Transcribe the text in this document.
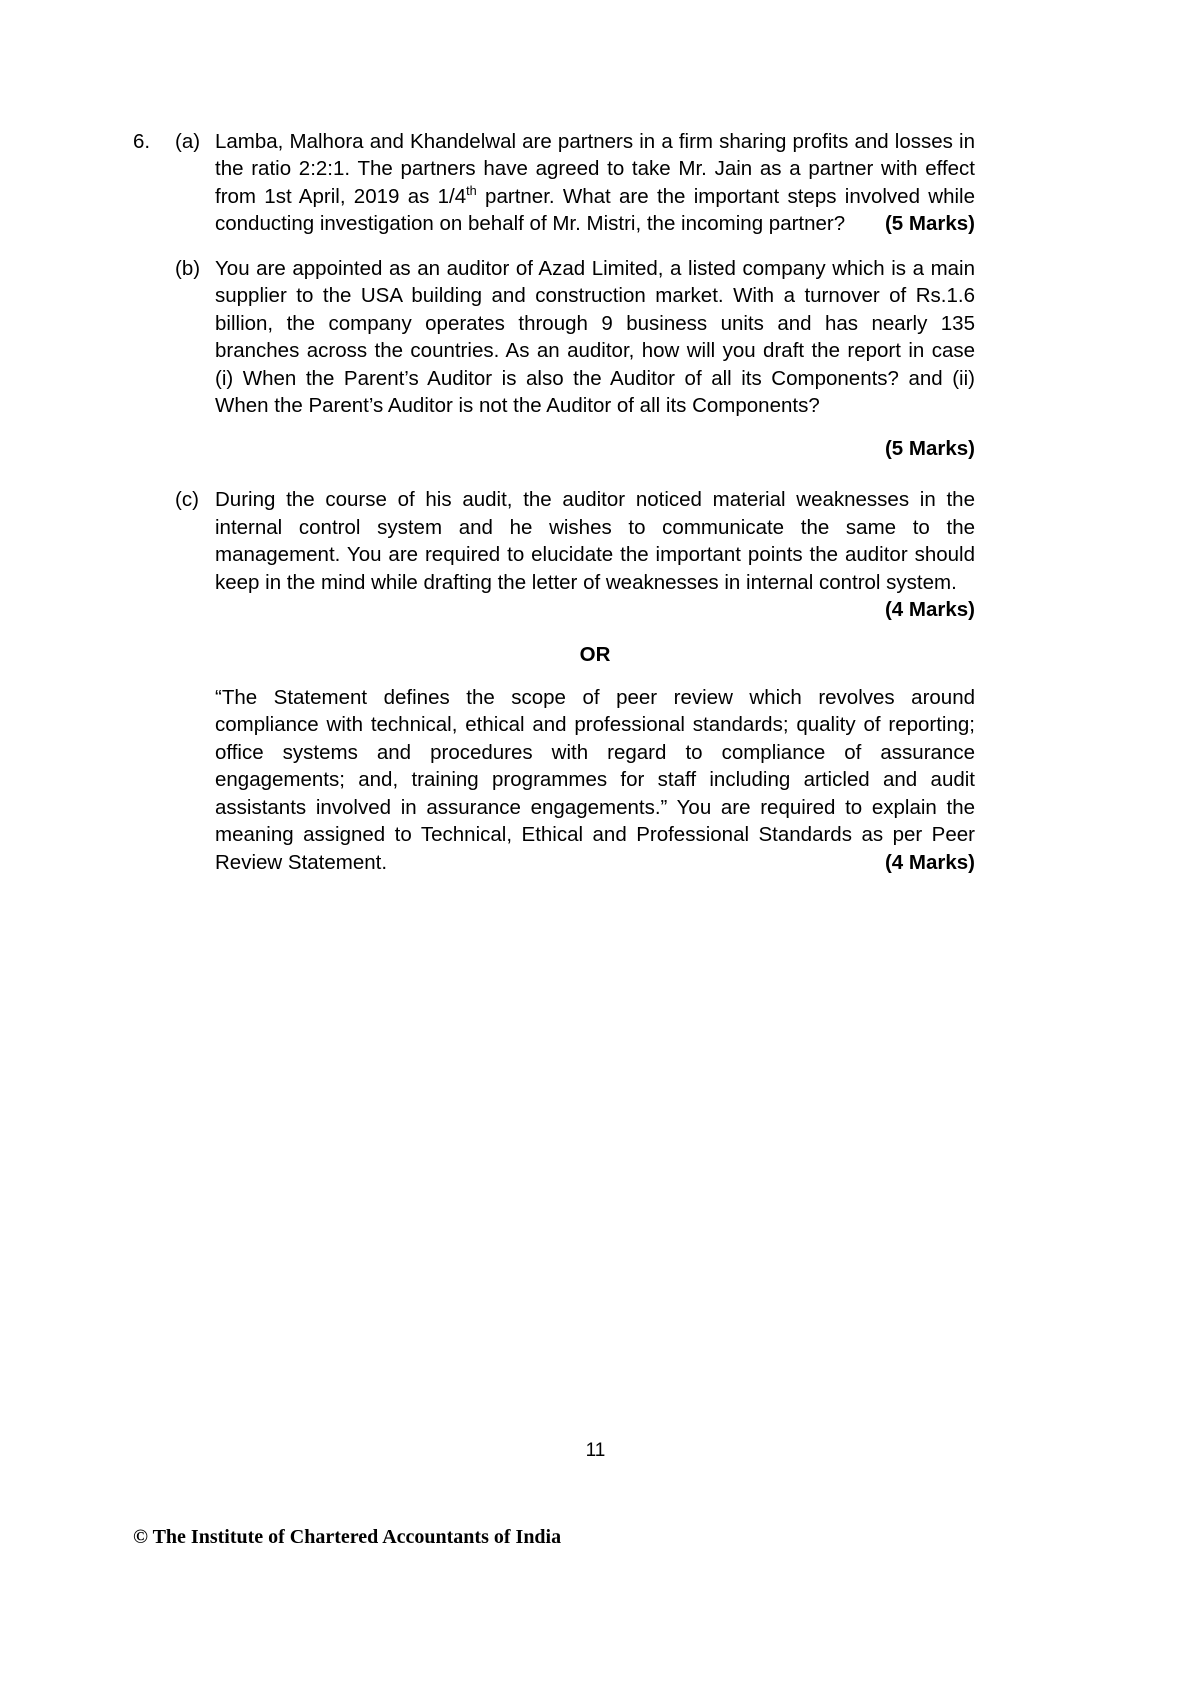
6.	(a) Lamba, Malhora and Khandelwal are partners in a firm sharing profits and losses in the ratio 2:2:1. The partners have agreed to take Mr. Jain as a partner with effect from 1st April, 2019 as 1/4th partner. What are the important steps involved while conducting investigation on behalf of Mr. Mistri, the incoming partner? (5 Marks)
(b) You are appointed as an auditor of Azad Limited, a listed company which is a main supplier to the USA building and construction market. With a turnover of Rs.1.6 billion, the company operates through 9 business units and has nearly 135 branches across the countries. As an auditor, how will you draft the report in case (i) When the Parent’s Auditor is also the Auditor of all its Components? and (ii) When the Parent’s Auditor is not the Auditor of all its Components?
(5 Marks)
(c) During the course of his audit, the auditor noticed material weaknesses in the internal control system and he wishes to communicate the same to the management. You are required to elucidate the important points the auditor should keep in the mind while drafting the letter of weaknesses in internal control system.
(4 Marks)
OR
“The Statement defines the scope of peer review which revolves around compliance with technical, ethical and professional standards; quality of reporting; office systems and procedures with regard to compliance of assurance engagements; and, training programmes for staff including articled and audit assistants involved in assurance engagements.” You are required to explain the meaning assigned to Technical, Ethical and Professional Standards as per Peer Review Statement.	(4 Marks)
11
© The Institute of Chartered Accountants of India
